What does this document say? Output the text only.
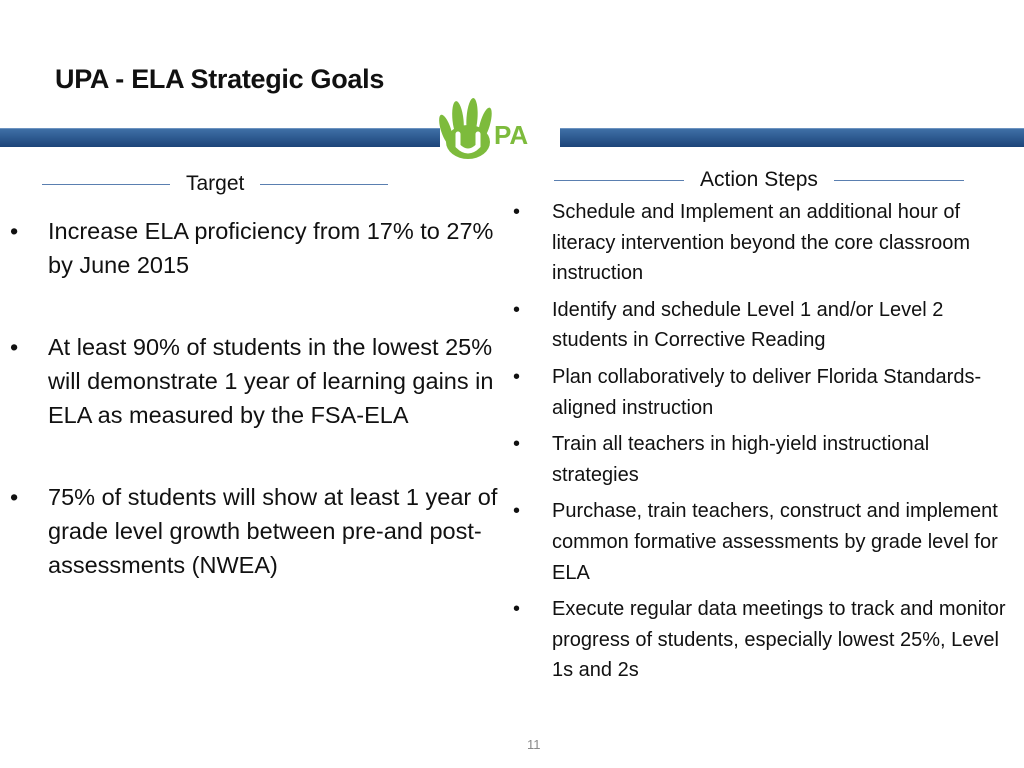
UPA - ELA Strategic Goals
PA
Target	Action Steps
• Increase ELA proficiency from 17% to 27% by June 2015
• At least 90% of students in the lowest 25% will demonstrate 1 year of learning gains in ELA as measured by the FSA-ELA
• 75% of students will show at least 1 year of grade level growth between pre-and post-assessments (NWEA)
• Schedule and Implement an additional hour of literacy intervention beyond the core classroom instruction
• Identify and schedule Level 1 and/or Level 2 students in Corrective Reading
• Plan collaboratively to deliver Florida Standards-aligned instruction
• Train all teachers in high-yield instructional strategies
• Purchase, train teachers, construct and implement common formative assessments by grade level for ELA
• Execute regular data meetings to track and monitor progress of students, especially lowest 25%, Level 1s and 2s
11
